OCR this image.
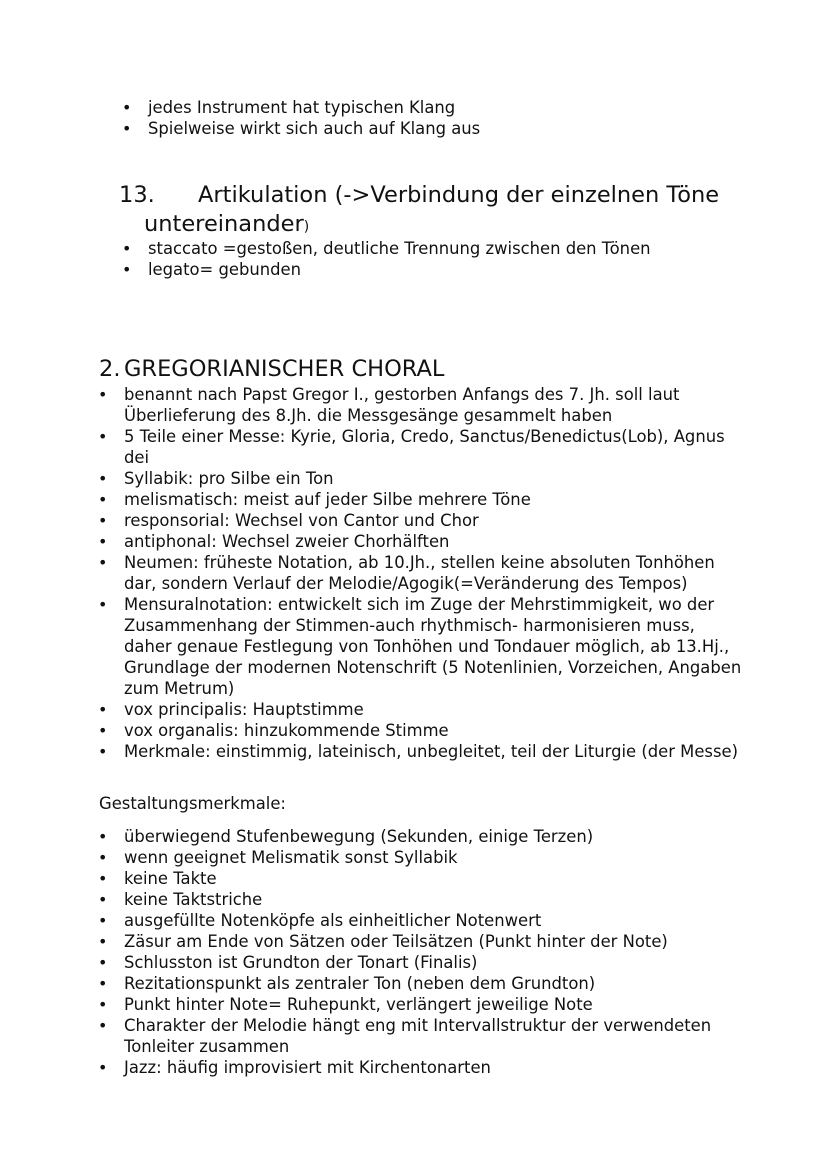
• jedes Instrument hat typischen Klang
• Spielweise wirkt sich auch auf Klang aus
13. Artikulation (->Verbindung der einzelnen Töne
untereinander)
• staccato =gestoßen, deutliche Trennung zwischen den Tönen
• legato= gebunden
2. GREGORIANISCHER CHORAL
• benannt nach Papst Gregor I., gestorben Anfangs des 7. Jh. soll laut Überlieferung des 8.Jh. die Messgesänge gesammelt haben
• 5 Teile einer Messe: Kyrie, Gloria, Credo, Sanctus/Benedictus(Lob), Agnus dei
• Syllabik: pro Silbe ein Ton
• melismatisch: meist auf jeder Silbe mehrere Töne
• responsorial: Wechsel von Cantor und Chor
• antiphonal: Wechsel zweier Chorhälften
• Neumen: früheste Notation, ab 10.Jh., stellen keine absoluten Tonhöhen dar, sondern Verlauf der Melodie/Agogik(=Veränderung des Tempos)
• Mensuralnotation: entwickelt sich im Zuge der Mehrstimmigkeit, wo der Zusammenhang der Stimmen-auch rhythmisch- harmonisieren muss, daher genaue Festlegung von Tonhöhen und Tondauer möglich, ab 13.Hj., Grundlage der modernen Notenschrift (5 Notenlinien, Vorzeichen, Angaben zum Metrum)
• vox principalis: Hauptstimme
• vox organalis: hinzukommende Stimme
• Merkmale: einstimmig, lateinisch, unbegleitet, teil der Liturgie (der Messe)
Gestaltungsmerkmale:
• überwiegend Stufenbewegung (Sekunden, einige Terzen)
• wenn geeignet Melismatik sonst Syllabik
• keine Takte
• keine Taktstriche
• ausgefüllte Notenköpfe als einheitlicher Notenwert
• Zäsur am Ende von Sätzen oder Teilsätzen (Punkt hinter der Note)
• Schlusston ist Grundton der Tonart (Finalis)
• Rezitationspunkt als zentraler Ton (neben dem Grundton)
• Punkt hinter Note= Ruhepunkt, verlängert jeweilige Note
• Charakter der Melodie hängt eng mit Intervallstruktur der verwendeten Tonleiter zusammen
• Jazz: häufig improvisiert mit Kirchentonarten
